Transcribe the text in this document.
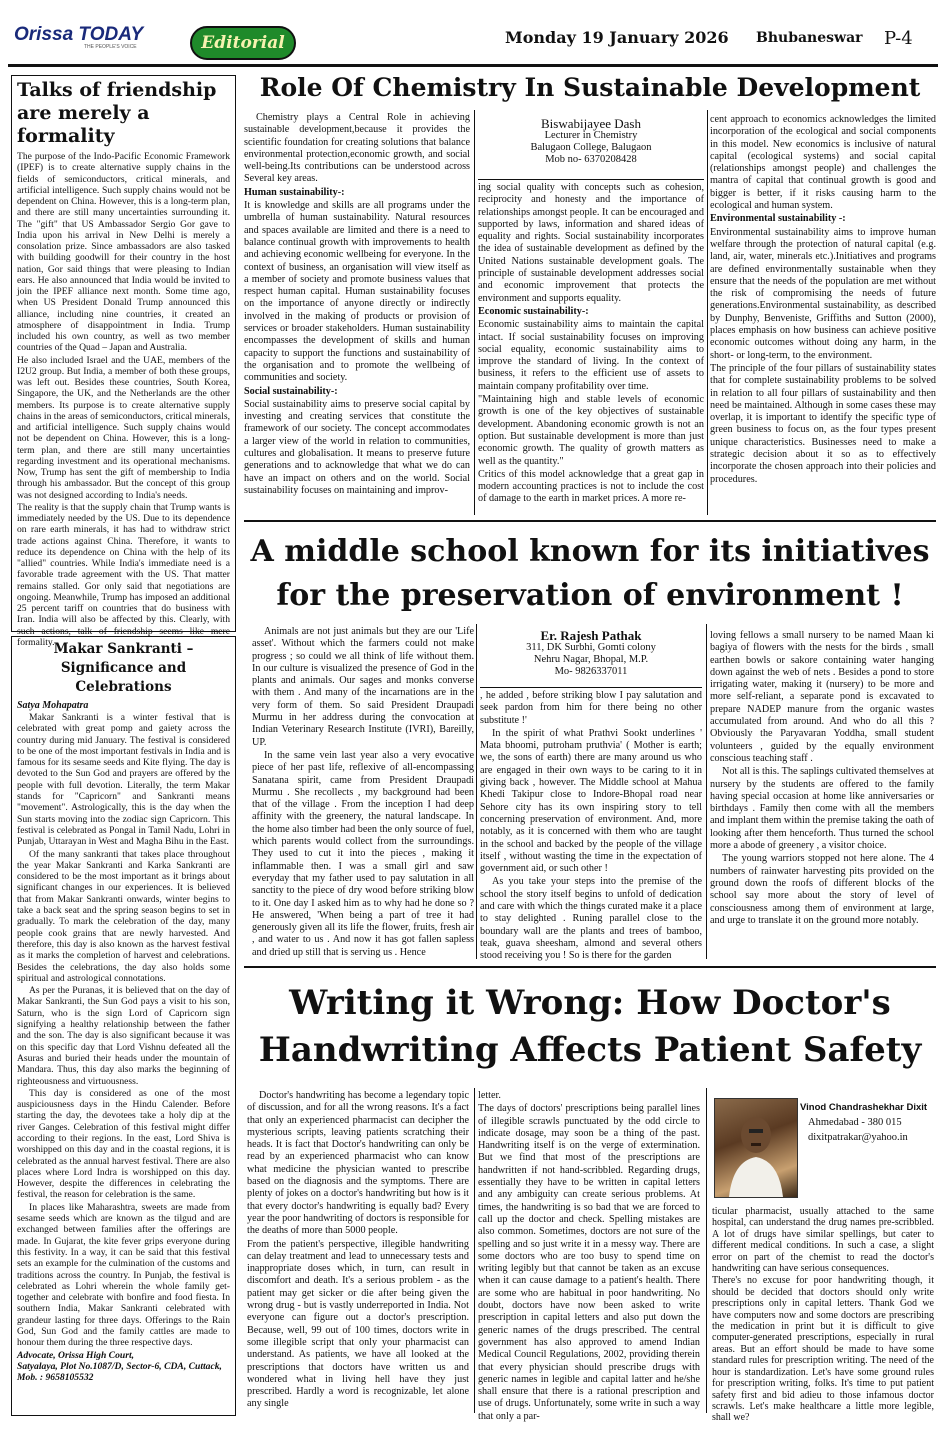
Orissa TODAY
THE PEOPLE'S VOICE	Editorial	Monday 19 January 2026 Bhubaneswar P-4
Talks of friendship are merely a formality

The purpose of the Indo-Pacific Economic Framework (IPEF) is to create alternative supply chains in the fields of semiconductors, critical minerals, and artificial intelligence. Such supply chains would not be dependent on China. However, this is a long-term plan, and there are still many uncertainties surrounding it. The "gift" that US Ambassador Sergio Gor gave to India upon his arrival in New Delhi is merely a consolation prize. Since ambassadors are also tasked with building goodwill for their country in the host nation, Gor said things that were pleasing to Indian ears. He also announced that India would be invited to join the IPEF alliance next month. Some time ago, when US President Donald Trump announced this alliance, including nine countries, it created an atmosphere of disappointment in India. Trump included his own country, as well as two member countries of the Quad – Japan and Australia.

He also included Israel and the UAE, members of the I2U2 group. But India, a member of both these groups, was left out. Besides these countries, South Korea, Singapore, the UK, and the Netherlands are the other members. Its purpose is to create alternative supply chains in the areas of semiconductors, critical minerals, and artificial intelligence. Such supply chains would not be dependent on China. However, this is a long-term plan, and there are still many uncertainties regarding investment and its operational mechanisms. Now, Trump has sent the gift of membership to India through his ambassador. But the concept of this group was not designed according to India's needs.

The reality is that the supply chain that Trump wants is immediately needed by the US. Due to its dependence on rare earth minerals, it has had to withdraw strict trade actions against China. Therefore, it wants to reduce its dependence on China with the help of its "allied" countries. While India's immediate need is a favorable trade agreement with the US. That matter remains stalled. Gor only said that negotiations are ongoing. Meanwhile, Trump has imposed an additional 25 percent tariff on countries that do business with Iran. India will also be affected by this. Clearly, with such actions, talk of friendship seems like mere formality. Makar Sankranti – Significance and Celebrations
Satya Mohapatra

Makar Sankranti is a winter festival that is celebrated with great pomp and gaiety across the country during mid January. The festival is considered to be one of the most important festivals in India and is famous for its sesame seeds and Kite flying. The day is devoted to the Sun God and prayers are offered by the people with full devotion. Literally, the term Makar stands for "Capricorn" and Sankranti means "movement". Astrologically, this is the day when the Sun starts moving into the zodiac sign Capricorn. This festival is celebrated as Pongal in Tamil Nadu, Lohri in Punjab, Uttarayan in West and Magha Bihu in the East.

Of the many sankranti that takes place throughout the year Makar Sankranti and Karka Sankranti are considered to be the most important as it brings about significant changes in our experiences. It is believed that from Makar Sankranti onwards, winter begins to take a back seat and the spring season begins to set in gradually. To mark the celebration of the day, many people cook grains that are newly harvested. And therefore, this day is also known as the harvest festival as it marks the completion of harvest and celebrations. Besides the celebrations, the day also holds some spiritual and astrological connotations.

As per the Puranas, it is believed that on the day of Makar Sankranti, the Sun God pays a visit to his son, Saturn, who is the sign Lord of Capricorn sign signifying a healthy relationship between the father and the son. The day is also significant because it was on this specific day that Lord Vishnu defeated all the Asuras and buried their heads under the mountain of Mandara. Thus, this day also marks the beginning of righteousness and virtuousness.

This day is considered as one of the most auspiciousness days in the Hindu Calender. Before starting the day, the devotees take a holy dip at the river Ganges. Celebration of this festival might differ according to their regions. In the east, Lord Shiva is worshipped on this day and in the coastal regions, it is celebrated as the annual harvest festival. There are also places where Lord Indra is worshipped on this day. However, despite the differences in celebrating the festival, the reason for celebration is the same.

In places like Maharashtra, sweets are made from sesame seeds which are known as the tilgud and are exchanged between families after the offerings are made. In Gujarat, the kite fever grips everyone during this festivity. In a way, it can be said that this festival sets an example for the culmination of the customs and traditions across the country. In Punjab, the festival is celebrated as Lohri wherein the whole family get-together and celebrate with bonfire and food fiesta. In southern India, Makar Sankranti celebrated with grandeur lasting for three days. Offerings to the Rain God, Sun God and the family cattles are made to honour them during the three respective days.

Advocate, Orissa High Court,
Satyalaya, Plot No.1087/D, Sector-6, CDA, Cuttack,
Mob. : 9658105532
Role Of Chemistry In Sustainable Development

Chemistry plays a Central Role in achieving sustainable development,because it provides the scientific foundation for creating solutions that balance environmental protection,economic growth, and social well-being.Its contributions can be understood across Several key areas.

Human sustainability-:

It is knowledge and skills are all programs under the umbrella of human sustainability. Natural resources and spaces available are limited and there is a need to balance continual growth with improvements to health and achieving economic wellbeing for everyone. In the context of business, an organisation will view itself as a member of society and promote business values that respect human capital. Human sustainability focuses on the importance of anyone directly or indirectly involved in the making of products or provision of services or broader stakeholders. Human sustainability encompasses the development of skills and human capacity to support the functions and sustainability of the organisation and to promote the wellbeing of communities and society.

Social sustainability-:

Social sustainability aims to preserve social capital by investing and creating services that constitute the framework of our society. The concept accommodates a larger view of the world in relation to communities, cultures and globalisation. It means to preserve future generations and to acknowledge that what we do can have an impact on others and on the world. Social sustainability focuses on maintaining and improv-

Biswabijayee Dash
Lecturer in Chemistry
Balugaon College, Balugaon
Mob no- 6370208428

ing social quality with concepts such as cohesion, reciprocity and honesty and the importance of relationships amongst people. It can be encouraged and supported by laws, information and shared ideas of equality and rights. Social sustainability incorporates the idea of sustainable development as defined by the United Nations sustainable development goals. The principle of sustainable development addresses social and economic improvement that protects the environment and supports equality.

Economic sustainability-:

Economic sustainability aims to maintain the capital intact. If social sustainability focuses on improving social equality, economic sustainability aims to improve the standard of living. In the context of business, it refers to the efficient use of assets to maintain company profitability over time.

"Maintaining high and stable levels of economic growth is one of the key objectives of sustainable development. Abandoning economic growth is not an option. But sustainable development is more than just economic growth. The quality of growth matters as well as the quantity."

Critics of this model acknowledge that a great gap in modern accounting practices is not to include the cost of damage to the earth in market prices. A more re-

cent approach to economics acknowledges the limited incorporation of the ecological and social components in this model. New economics is inclusive of natural capital (ecological systems) and social capital (relationships amongst people) and challenges the mantra of capital that continual growth is good and bigger is better, if it risks causing harm to the ecological and human system.

Environmental sustainability -:

Environmental sustainability aims to improve human welfare through the protection of natural capital (e.g. land, air, water, minerals etc.).Initiatives and programs are defined environmentally sustainable when they ensure that the needs of the population are met without the risk of compromising the needs of future generations.Environmental sustainability, as described by Dunphy, Benveniste, Griffiths and Sutton (2000), places emphasis on how business can achieve positive economic outcomes without doing any harm, in the short- or long-term, to the environment.

The principle of the four pillars of sustainability states that for complete sustainability problems to be solved in relation to all four pillars of sustainability and then need be maintained. Although in some cases these may overlap, it is important to identify the specific type of green business to focus on, as the four types present unique characteristics. Businesses need to make a strategic decision about it so as to effectively incorporate the chosen approach into their policies and procedures.

A middle school known for its initiatives
for the preservation of environment !

Animals are not just animals but they are our 'Life asset'. Without which the farmers could not make progress ; so could we all think of life without them. In our culture is visualized the presence of God in the plants and animals. Our sages and monks converse with them . And many of the incarnations are in the very form of them. So said President Draupadi Murmu in her address during the convocation at Indian Veterinary Research Institute (IVRI), Bareilly, UP.

In the same vein last year also a very evocative piece of her past life, reflexive of all-encompassing Sanatana spirit, came from President Draupadi Murmu . She recollects , my background had been that of the village . From the inception I had deep affinity with the greenery, the natural landscape. In the home also timber had been the only source of fuel, which parents would collect from the surroundings. They used to cut it into the pieces , making it inflammable then. I was a small girl and saw everyday that my father used to pay salutation in all sanctity to the piece of dry wood before striking blow to it. One day I asked him as to why had he done so ? He answered, 'When being a part of tree it had generously given all its life the flower, fruits, fresh air , and water to us . And now it has got fallen sapless and dried up still that is serving us . Hence

Er. Rajesh Pathak
311, DK Surbhi, Gomti colony
Nehru Nagar, Bhopal, M.P.
Mo- 9826337011

, he added , before striking blow I pay salutation and seek pardon from him for there being no other substitute !'

In the spirit of what Prathvi Sookt underlines ' Mata bhoomi, putroham pruthvia' ( Mother is earth; we, the sons of earth) there are many around us who are engaged in their own ways to be caring to it in giving back , however. The Middle school at Mahua Khedi Takipur close to Indore-Bhopal road near Sehore city has its own inspiring story to tell concerning preservation of environment. And, more notably, as it is concerned with them who are taught in the school and backed by the people of the village itself , without wasting the time in the expectation of government aid, or such other !

As you take your steps into the premise of the school the story itself begins to unfold of dedication and care with which the things curated make it a place to stay delighted . Runing parallel close to the boundary wall are the plants and trees of bamboo, teak, guava sheesham, almond and several others stood receiving you ! So is there for the garden

loving fellows a small nursery to be named Maan ki bagiya of flowers with the nests for the birds , small earthen bowls or sakore containing water hanging down against the web of nets . Besides a pond to store irrigating water, making it (nursery) to be more and more self-reliant, a separate pond is excavated to prepare NADEP manure from the organic wastes accumulated from around. And who do all this ? Obviously the Paryavaran Yoddha, small student volunteers , guided by the equally environment conscious teaching staff .

Not all is this. The saplings cultivated themselves at nursery by the students are offered to the family having special occasion at home like anniversaries or birthdays . Family then come with all the members and implant them within the premise taking the oath of looking after them henceforth. Thus turned the school more a abode of greenery , a visitor choice.

The young warriors stopped not here alone. The 4 numbers of rainwater harvesting pits provided on the ground down the roofs of different blocks of the school say more about the story of level of consciousness among them of environment at large, and urge to translate it on the ground more notably.

Writing it Wrong: How Doctor's
Handwriting Affects Patient Safety

Doctor's handwriting has become a legendary topic of discussion, and for all the wrong reasons. It's a fact that only an experienced pharmacist can decipher the mysterious scripts, leaving patients scratching their heads. It is fact that Doctor's handwriting can only be read by an experienced pharmacist who can know what medicine the physician wanted to prescribe based on the diagnosis and the symptoms. There are plenty of jokes on a doctor's handwriting but how is it that every doctor's handwriting is equally bad? Every year the poor handwriting of doctors is responsible for the deaths of more than 5000 people.

From the patient's perspective, illegible handwriting can delay treatment and lead to unnecessary tests and inappropriate doses which, in turn, can result in discomfort and death. It's a serious problem - as the patient may get sicker or die after being given the wrong drug - but is vastly underreported in India. Not everyone can figure out a doctor's prescription. Because, well, 99 out of 100 times, doctors write in some illegible script that only your pharmacist can understand. As patients, we have all looked at the prescriptions that doctors have written us and wondered what in living hell have they just prescribed. Hardly a word is recognizable, let alone any single

letter.

The days of doctors' prescriptions being parallel lines of illegible scrawls punctuated by the odd circle to indicate dosage, may soon be a thing of the past. Handwriting itself is on the verge of extermination. But we find that most of the prescriptions are handwritten if not hand-scribbled. Regarding drugs, essentially they have to be written in capital letters and any ambiguity can create serious problems. At times, the handwriting is so bad that we are forced to call up the doctor and check. Spelling mistakes are also common. Sometimes, doctors are not sure of the spelling and so just write it in a messy way. There are some doctors who are too busy to spend time on writing legibly but that cannot be taken as an excuse when it can cause damage to a patient's health. There are some who are habitual in poor handwriting. No doubt, doctors have now been asked to write prescription in capital letters and also put down the generic names of the drugs prescribed. The central government has also approved to amend Indian Medical Council Regulations, 2002, providing therein that every physician should prescribe drugs with generic names in legible and capital latter and he/she shall ensure that there is a rational prescription and use of drugs. Unfortunately, some write in such a way that only a par-

Vinod Chandrashekhar Dixit
Ahmedabad - 380 015
dixitpatrakar@yahoo.in

ticular pharmacist, usually attached to the same hospital, can understand the drug names pre-scribbled. A lot of drugs have similar spellings, but cater to different medical conditions. In such a case, a slight error on part of the chemist to read the doctor's handwriting can have serious consequences.

There's no excuse for poor handwriting though, it should be decided that doctors should only write prescriptions only in capital letters. Thank God we have computers now and some doctors are prescribing the medication in print but it is difficult to give computer-generated prescriptions, especially in rural areas. But an effort should be made to have some standard rules for prescription writing. The need of the hour is standardization. Let's have some ground rules for prescription writing, folks. It's time to put patient safety first and bid adieu to those infamous doctor scrawls. Let's make healthcare a little more legible, shall we?
